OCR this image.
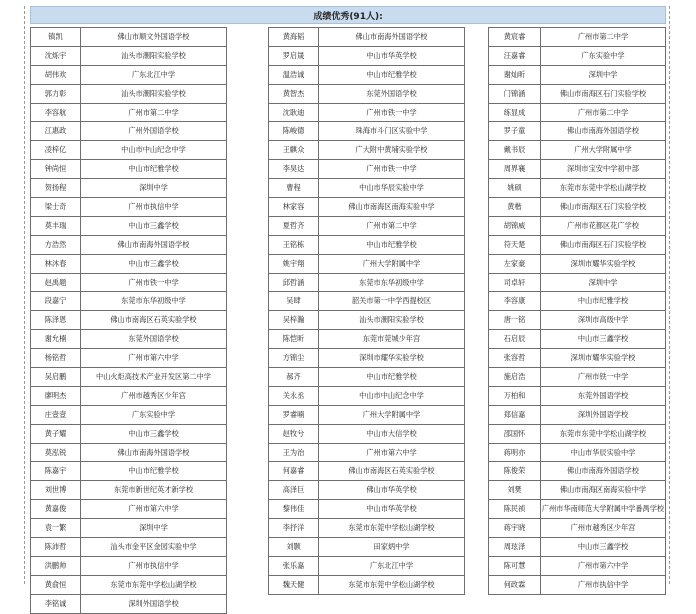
成绩优秀(91人):
镇凯	佛山市顺文外国语学校
沈烁宇	汕头市潮阳实验学校
胡伟欢	广东北江中学
郭力彰	汕头市潮阳实验学校
李容航	广州市第二中学
江惠政	广州外国语学校
凌梓亿	中山市中山纪念中学
钟尚恒	中山市纪雅学校
贺扬程	深圳中学
梁士奇	广州市执信中学
莫丰瑞	中山市三鑫学校
方浩然	佛山市南海外国语学校
林沐春	中山市三鑫学校
赵禹题	广州市铁一中学
段嘉宁	东莞市东华初级中学
陈泽恩	佛山市南海区石英实验学校
谢允楠	东莞外国语学校
杨铭哲	广州市第六中学
吴启鹏	中山火炬高技术产业开发区第二中学
廖明杰	广州市越秀区少年宫
庄壹壹	广东实验中学
黄子耀	中山市三鑫学校
莫泓锐	佛山市南海外国语学校
陈嘉宇	中山市纪雅学校
刘世博	东莞市新世纪英才新学校
黄嘉俊	广州市第六中学
袁一繁	深圳中学
陈沛哲	汕头市金平区金园实验中学
洪鹏帅	广州市执信中学
黄俞恒	东莞市东莞中学松山湖学校
李铭诚	深圳外国语学校
黄海韬	佛山市南海外国语学校
罗启晟	中山市华英学校
温浩诚	中山市纪雅学校
黄智杰	东莞外国语学校
沈耿迪	广州市铁一中学
陈峻德	珠海市斗门区实验中学
王麒众	广大附中黄埔实验学校
李昊达	广州市铁一中学
曹程	中山市华辰实验中学
林家容	佛山市南海区南海实验中学
夏哲齐	广州市第二中学
王铭栋	中山市纪雅学校
姚宇翔	广州大学附属中学
邱哲涵	东莞市东华初级中学
吴肆	韶关市第一中学西提校区
吴梓瀚	汕头市潮阳实验学校
陈恺昕	东莞市莞城少年宫
方锦尘	深圳市耀华实验学校
郝齐	中山市纪雅学校
关永丞	中山市中山纪念中学
罗睿喃	广州大学附属中学
赵牧兮	中山市大信学校
王为治	广州市第六中学
何嘉睿	佛山市南海区石英实验学校
高泽巨	佛山市华英学校
黎伟佳	中山市华英学校
李抒洋	东莞市东莞中学松山湖学校
刘颢	田家炳中学
张乐嘉	广东北江中学
魏天健	东莞市东莞中学松山湖学校
黄宸睿	广州市第二中学
汪嘉睿	广东实验中学
谢灿昕	深圳中学
门锦涵	佛山市南海区石门实验学校
练显成	广州市第二中学
罗子童	佛山市南海外国语学校
戴书辰	广州大学附属中学
周界襄	深圳市宝安中学初中部
姚硕	东莞市东莞中学松山湖学校
黄楷	佛山市南海区石门实验学校
胡锦威	广州市花都区花广学校
符天楚	佛山市南海区石门实验学校
左家豪	深圳市耀华实验学校
司卓轩	深圳中学
李容康	中山市纪雅学校
唐一铭	深圳市高级中学
石启辰	中山市三鑫学校
张容哲	深圳市耀华实验学校
施启浩	广州市铁一中学
万柏和	东莞外国语学校
郑信嘉	深圳外国语学校
邵国怀	东莞市东莞中学松山湖学校
蒋明亦	中山市华辰实验中学
陈俊荣	佛山市南海外国语学校
刘樊	佛山市南海区南海实验中学
陈民祯	广州市华南师范大学附属中学番禺学校
蒋宇晓	广州市越秀区少年宫
周玹泽	中山市三鑫学校
陈可慧	广州市第六中学
何政霖	广州市执信中学
